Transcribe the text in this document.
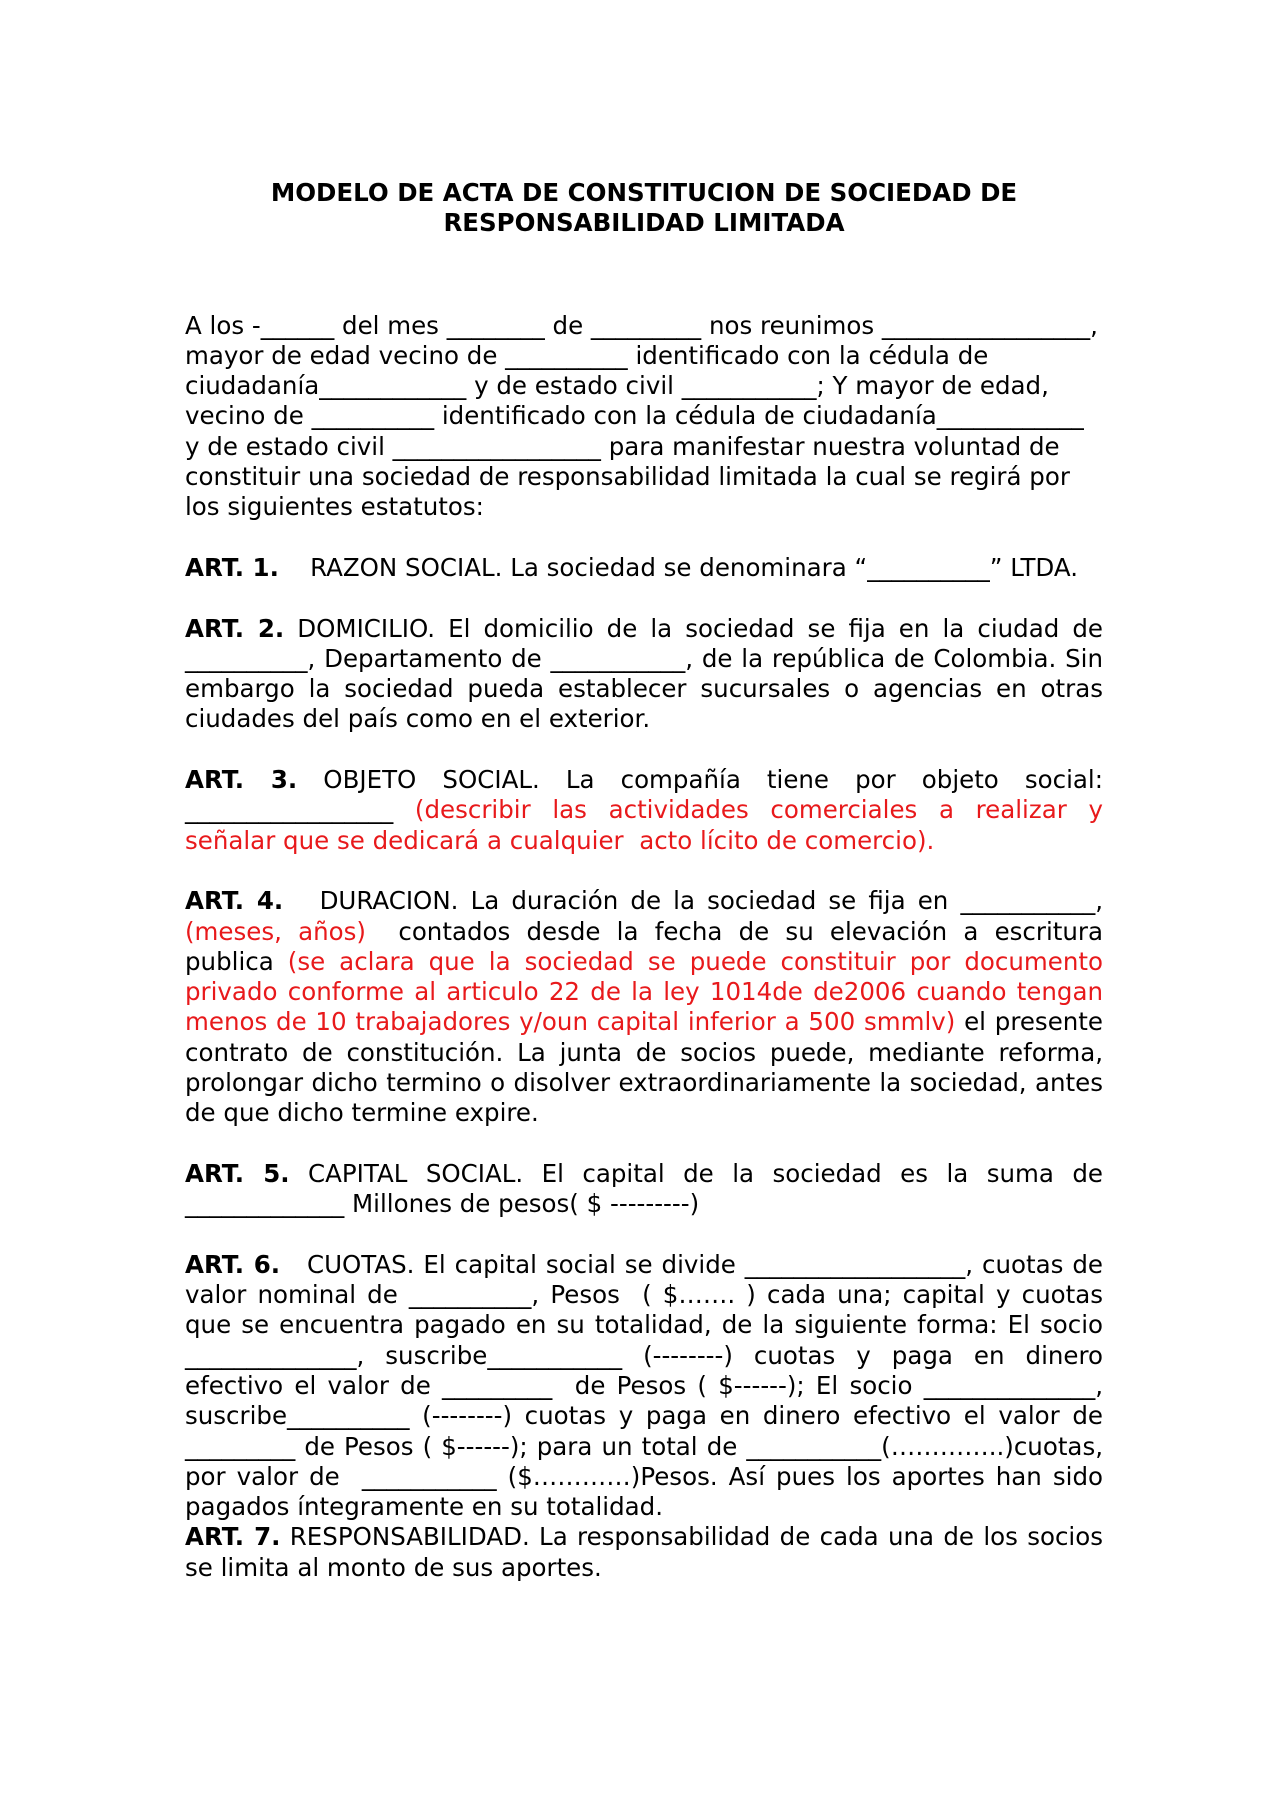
MODELO DE ACTA DE CONSTITUCION DE SOCIEDAD DE
RESPONSABILIDAD LIMITADA

A los -______ del mes ________ de _________ nos reunimos _________________, mayor de edad vecino de __________ identificado con la cédula de ciudadanía____________ y de estado civil ___________; Y mayor de edad, vecino de __________ identificado con la cédula de ciudadanía____________ y de estado civil _________________ para manifestar nuestra voluntad de constituir una sociedad de responsabilidad limitada la cual se regirá por los siguientes estatutos:

ART. 1.    RAZON SOCIAL. La sociedad se denominara “__________” LTDA.

ART. 2. DOMICILIO. El domicilio de la sociedad se fija en la ciudad de __________, Departamento de ___________, de la república de Colombia. Sin embargo la sociedad pueda establecer sucursales o agencias en otras ciudades del país como en el exterior.

ART. 3. OBJETO SOCIAL. La compañía tiene por objeto social: _________________ (describir las actividades comerciales a realizar y señalar que se dedicará a cualquier  acto lícito de comercio).

ART. 4.   DURACION. La duración de la sociedad se fija en ___________, (meses, años)  contados desde la fecha de su elevación a escritura publica (se aclara que la sociedad se puede constituir por documento privado conforme al articulo 22 de la ley 1014de de2006 cuando tengan menos de 10 trabajadores y/oun capital inferior a 500 smmlv) el presente contrato de constitución. La junta de socios puede, mediante reforma, prolongar dicho termino o disolver extraordinariamente la sociedad, antes de que dicho termine expire.

ART. 5. CAPITAL SOCIAL. El capital de la sociedad es la suma de _____________ Millones de pesos( $ ---------)

ART. 6.   CUOTAS. El capital social se divide __________________, cuotas de valor nominal de __________, Pesos  ( $……. ) cada una; capital y cuotas que se encuentra pagado en su totalidad, de la siguiente forma: El socio ______________, suscribe___________ (--------) cuotas y paga en dinero efectivo el valor de _________  de Pesos ( $------); El socio ______________, suscribe__________ (--------) cuotas y paga en dinero efectivo el valor de _________ de Pesos ( $------); para un total de ___________(…………..)cuotas, por valor de  ___________ ($…………)Pesos. Así pues los aportes han sido pagados íntegramente en su totalidad.

ART. 7. RESPONSABILIDAD. La responsabilidad de cada una de los socios se limita al monto de sus aportes.
